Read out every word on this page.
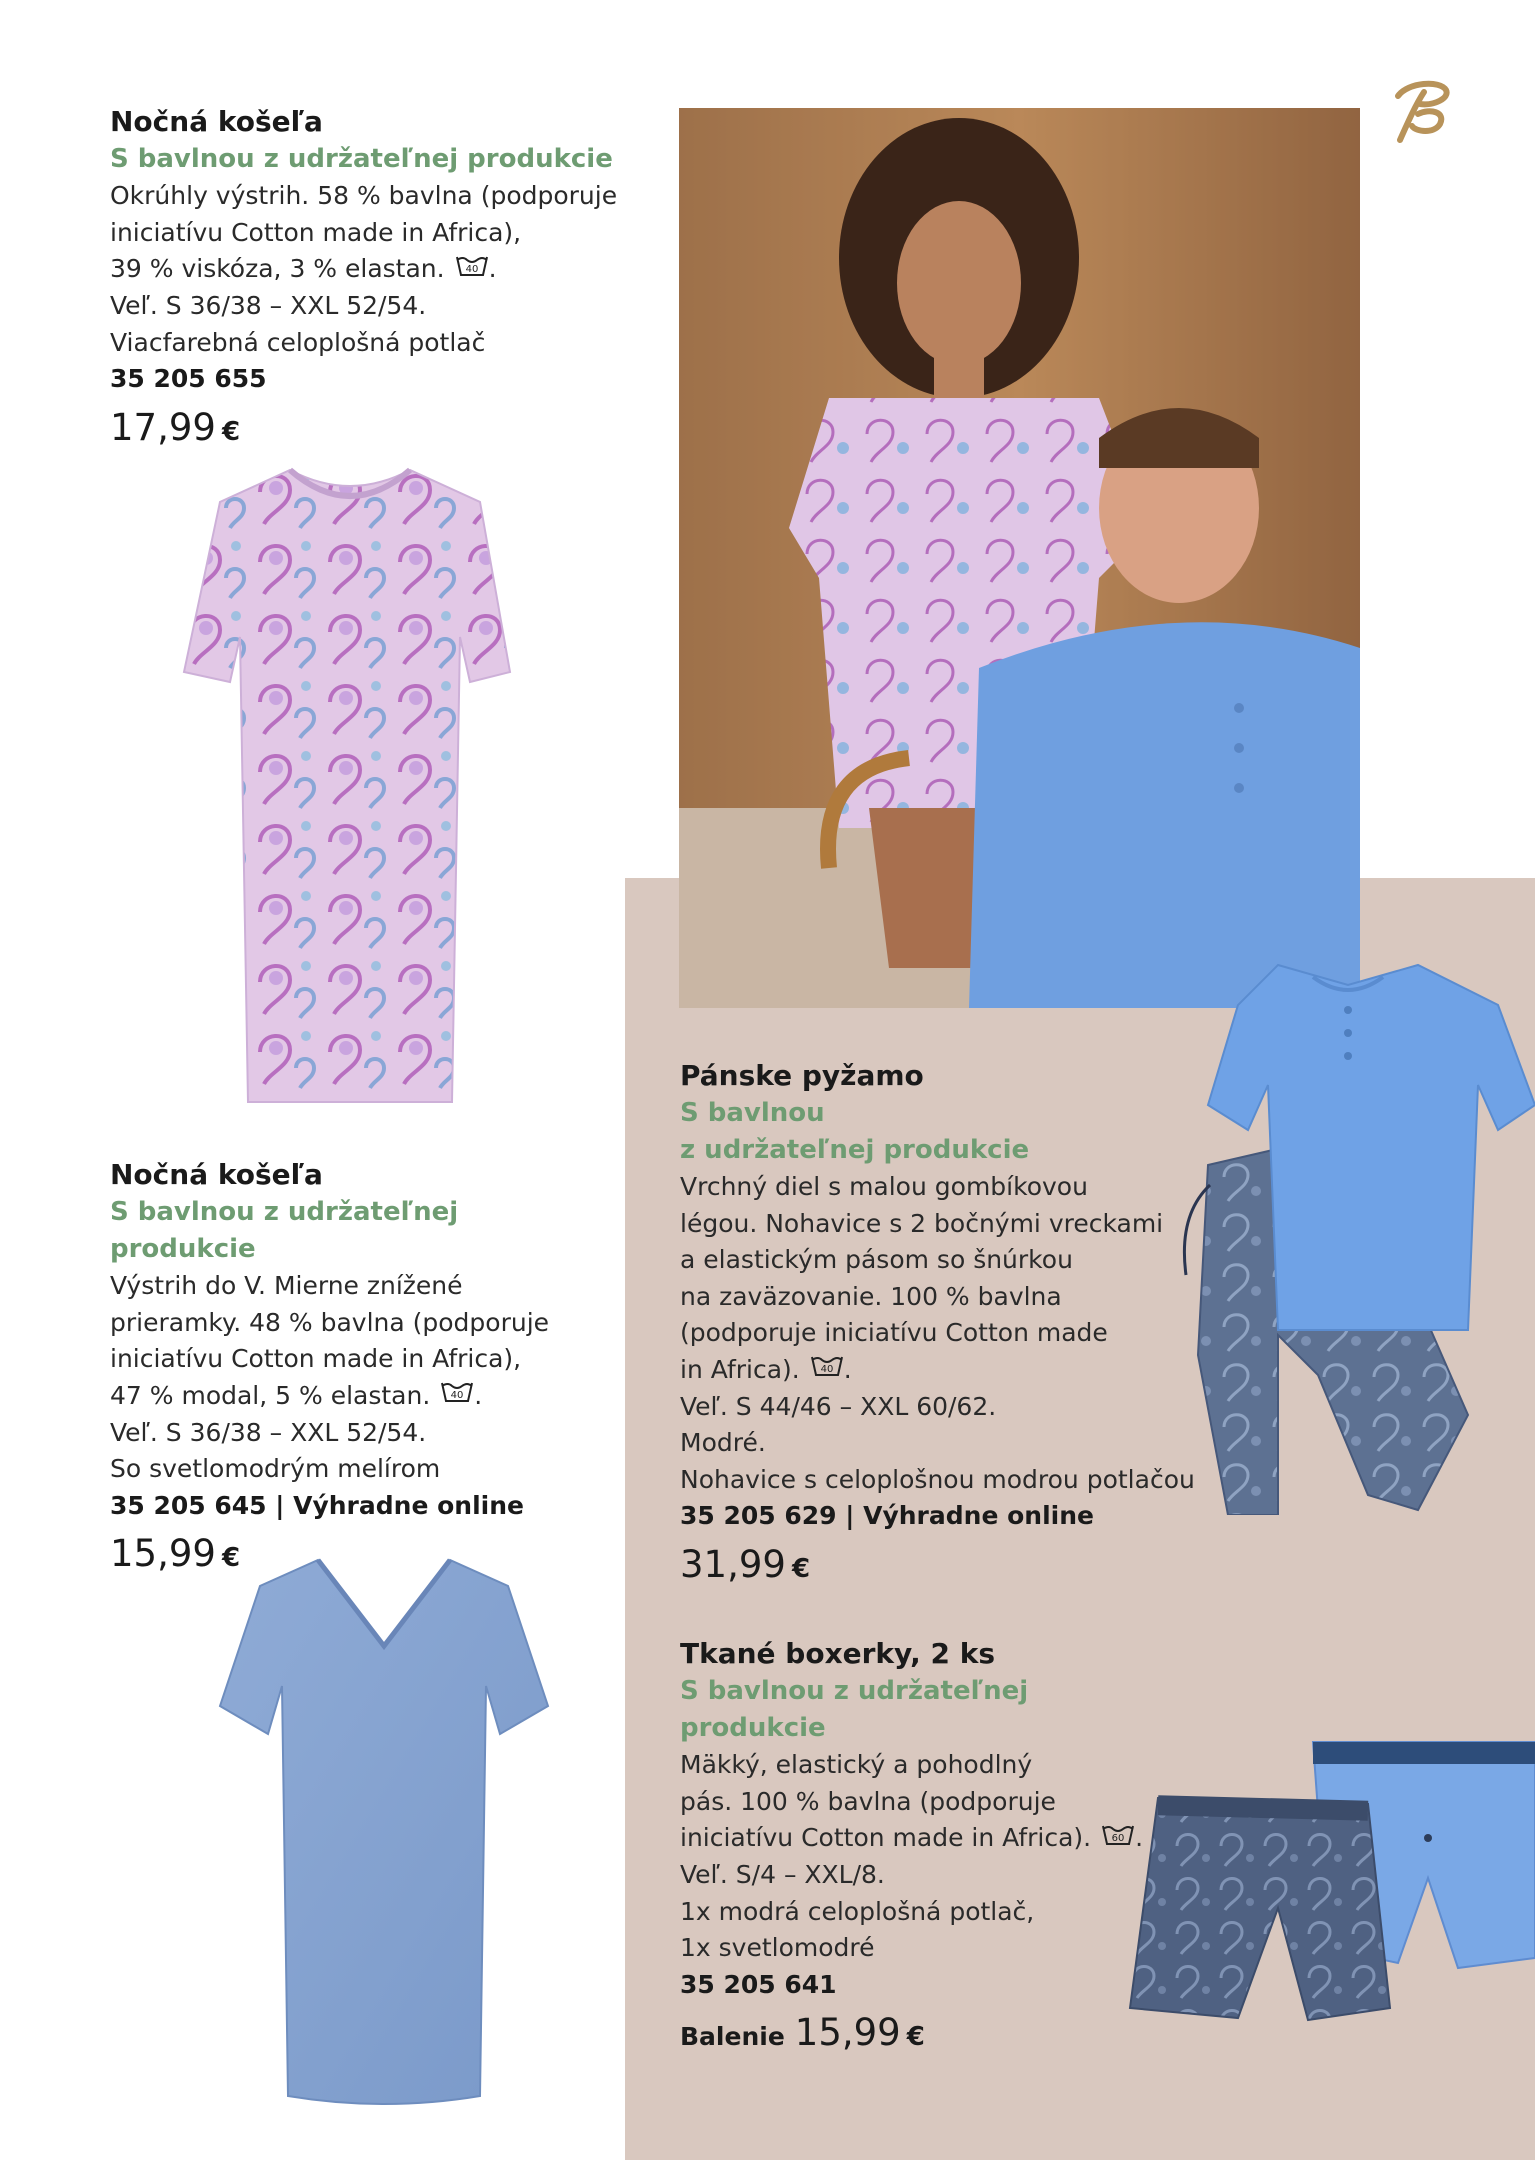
Nočná košeľa
S bavlnou z udržateľnej produkcie
Okrúhly výstrih. 58 % bavlna (podporuje
iniciatívu Cotton made in Africa),
39 % viskóza, 3 % elastan. 40 .
Veľ. S 36/38 – XXL 52/54.
Viacfarebná celoplošná potlač
35 205 655
17,99 €
Nočná košeľa
S bavlnou z udržateľnej
produkcie
Výstrih do V. Mierne znížené
prieramky. 48 % bavlna (podporuje
iniciatívu Cotton made in Africa),
47 % modal, 5 % elastan. 40 .
Veľ. S 36/38 – XXL 52/54.
So svetlomodrým melírom
35 205 645 | Výhradne online
15,99 €
Pánske pyžamo
S bavlnou
z udržateľnej produkcie
Vrchný diel s malou gombíkovou
légou. Nohavice s 2 bočnými vreckami
a elastickým pásom so šnúrkou
na zaväzovanie. 100 % bavlna
(podporuje iniciatívu Cotton made
in Africa). 40 .
Veľ. S 44/46 – XXL 60/62.
Modré.
Nohavice s celoplošnou modrou potlačou
35 205 629 | Výhradne online
31,99 €
Tkané boxerky, 2 ks
S bavlnou z udržateľnej
produkcie
Mäkký, elastický a pohodlný
pás. 100 % bavlna (podporuje
iniciatívu Cotton made in Africa). 60 .
Veľ. S/4 – XXL/8.
1x modrá celoplošná potlač,
1x svetlomodré
35 205 641
Balenie 15,99 €
